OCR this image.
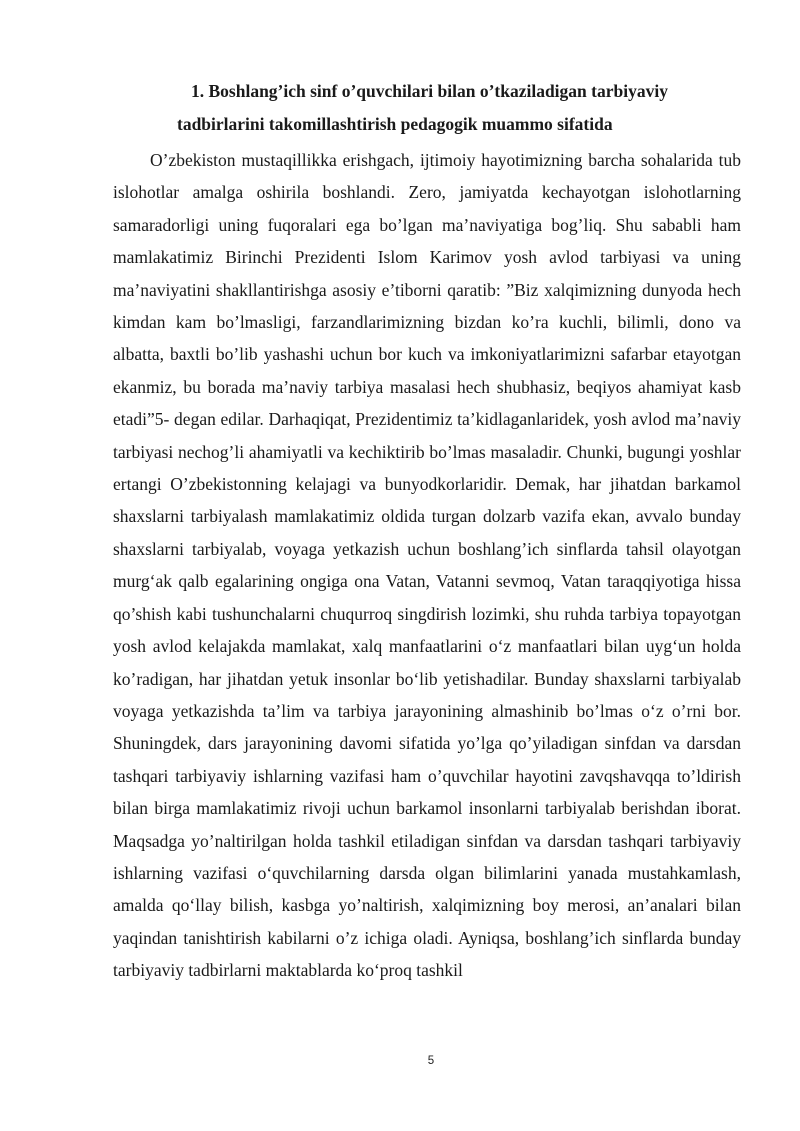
1. Boshlang’ich sinf o’quvchilari bilan o’tkaziladigan tarbiyaviy
tadbirlarini takomillashtirish pedagogik muammo sifatida

O’zbekiston mustaqillikka erishgach, ijtimoiy hayotimizning barcha sohalarida tub islohotlar amalga oshirila boshlandi. Zero, jamiyatda kechayotgan islohotlarning samaradorligi uning fuqoralari ega bo’lgan ma’naviyatiga bog’liq. Shu sababli ham mamlakatimiz Birinchi Prezidenti Islom Karimov yosh avlod tarbiyasi va uning ma’naviyatini shakllantirishga asosiy e’tiborni qaratib: ”Biz xalqimizning dunyoda hech kimdan kam bo’lmasligi, farzandlarimizning bizdan ko’ra kuchli, bilimli, dono va albatta, baxtli bo’lib yashashi uchun bor kuch va imkoniyatlarimizni safarbar etayotgan ekanmiz, bu borada ma’naviy tarbiya masalasi hech shubhasiz, beqiyos ahamiyat kasb etadi”5- degan edilar. Darhaqiqat, Prezidentimiz ta’kidlaganlaridek, yosh avlod ma’naviy tarbiyasi nechog’li ahamiyatli va kechiktirib bo’lmas masaladir. Chunki, bugungi yoshlar ertangi O’zbekistonning kelajagi va bunyodkorlaridir. Demak, har jihatdan barkamol shaxslarni tarbiyalash mamlakatimiz oldida turgan dolzarb vazifa ekan, avvalo bunday shaxslarni tarbiyalab, voyaga yetkazish uchun boshlang’ich sinflarda tahsil olayotgan murg‘ak qalb egalarining ongiga ona Vatan, Vatanni sevmoq, Vatan taraqqiyotiga hissa qo’shish kabi tushunchalarni chuqurroq singdirish lozimki, shu ruhda tarbiya topayotgan yosh avlod kelajakda mamlakat, xalq manfaatlarini o‘z manfaatlari bilan uyg‘un holda ko’radigan, har jihatdan yetuk insonlar bo‘lib yetishadilar. Bunday shaxslarni tarbiyalab voyaga yetkazishda ta’lim va tarbiya jarayonining almashinib bo’lmas o‘z o’rni bor. Shuningdek, dars jarayonining davomi sifatida yo’lga qo’yiladigan sinfdan va darsdan tashqari tarbiyaviy ishlarning vazifasi ham o’quvchilar hayotini zavqshavqqa to’ldirish bilan birga mamlakatimiz rivoji uchun barkamol insonlarni tarbiyalab berishdan iborat. Maqsadga yo’naltirilgan holda tashkil etiladigan sinfdan va darsdan tashqari tarbiyaviy ishlarning vazifasi o‘quvchilarning darsda olgan bilimlarini yanada mustahkamlash, amalda qo‘llay bilish, kasbga yo’naltirish, xalqimizning boy merosi, an’analari bilan yaqindan tanishtirish kabilarni o’z ichiga oladi. Ayniqsa, boshlang’ich sinflarda bunday tarbiyaviy tadbirlarni maktablarda ko‘proq tashkil

5
